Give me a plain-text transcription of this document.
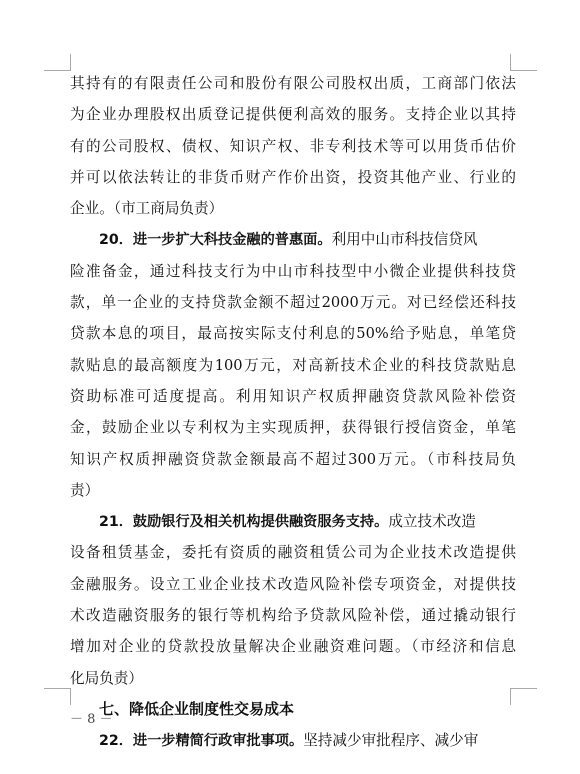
其持有的有限责任公司和股份有限公司股权出质，工商部门依法
为企业办理股权出质登记提供便利高效的服务。支持企业以其持
有的公司股权、债权、知识产权、非专利技术等可以用货币估价
并可以依法转让的非货币财产作价出资，投资其他产业、行业的
企业。（市工商局负责）
20．进一步扩大科技金融的普惠面。利用中山市科技信贷风
险准备金，通过科技支行为中山市科技型中小微企业提供科技贷
款，单一企业的支持贷款金额不超过2000万元。对已经偿还科技
贷款本息的项目，最高按实际支付利息的50%给予贴息，单笔贷
款贴息的最高额度为100万元，对高新技术企业的科技贷款贴息
资助标准可适度提高。利用知识产权质押融资贷款风险补偿资
金，鼓励企业以专利权为主实现质押，获得银行授信资金，单笔
知识产权质押融资贷款金额最高不超过300万元。（市科技局负
责）
21．鼓励银行及相关机构提供融资服务支持。成立技术改造
设备租赁基金，委托有资质的融资租赁公司为企业技术改造提供
金融服务。设立工业企业技术改造风险补偿专项资金，对提供技
术改造融资服务的银行等机构给予贷款风险补偿，通过撬动银行
增加对企业的贷款投放量解决企业融资难问题。（市经济和信息
化局负责）
七、降低企业制度性交易成本
22．进一步精简行政审批事项。坚持减少审批程序、减少审
－ 8 －
